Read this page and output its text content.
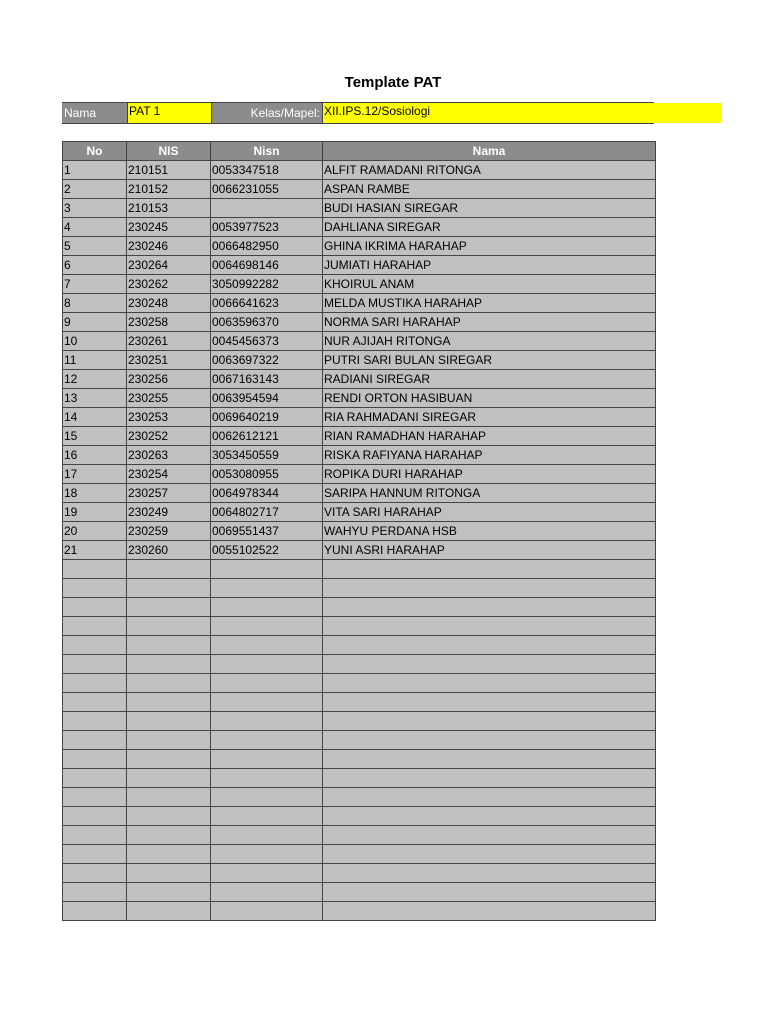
Template PAT
Nama	PAT 1	Kelas/Mapel: XII.IPS.12/Sosiologi
No	NIS	Nisn	Nama
1	210151	0053347518	ALFIT RAMADANI RITONGA
2	210152	0066231055	ASPAN RAMBE
3	210153		BUDI HASIAN SIREGAR
4	230245	0053977523	DAHLIANA SIREGAR
5	230246	0066482950	GHINA IKRIMA HARAHAP
6	230264	0064698146	JUMIATI HARAHAP
7	230262	3050992282	KHOIRUL ANAM
8	230248	0066641623	MELDA MUSTIKA HARAHAP
9	230258	0063596370	NORMA SARI HARAHAP
10	230261	0045456373	NUR AJIJAH RITONGA
11	230251	0063697322	PUTRI SARI BULAN SIREGAR
12	230256	0067163143	RADIANI SIREGAR
13	230255	0063954594	RENDI ORTON HASIBUAN
14	230253	0069640219	RIA RAHMADANI SIREGAR
15	230252	0062612121	RIAN RAMADHAN HARAHAP
16	230263	3053450559	RISKA RAFIYANA HARAHAP
17	230254	0053080955	ROPIKA DURI HARAHAP
18	230257	0064978344	SARIPA HANNUM RITONGA
19	230249	0064802717	VITA SARI HARAHAP
20	230259	0069551437	WAHYU PERDANA HSB
21	230260	0055102522	YUNI ASRI HARAHAP
